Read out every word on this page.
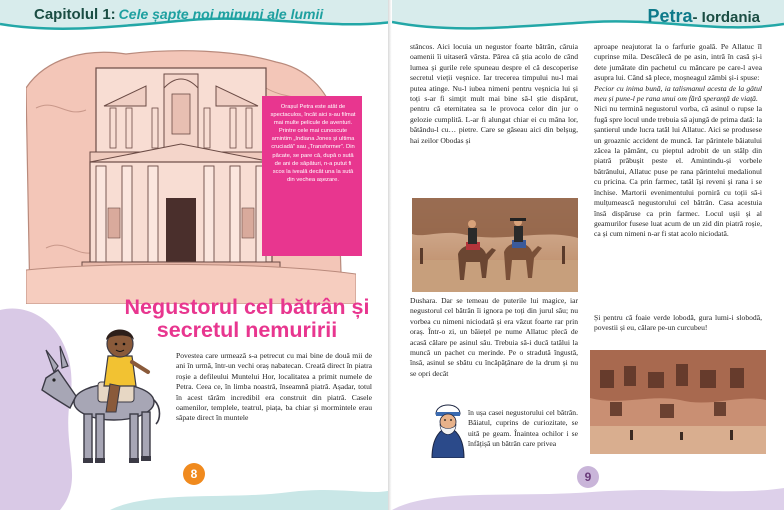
Capitolul 1: Cele șapte noi minuni ale lumii
Orașul Petra este atât de spectaculos, încât aici s-au filmat mai multe pelicule de aventuri. Printre cele mai cunoscute amintim „Indiana Jones și ultima cruciadă” sau „Transformer”. Din păcate, se pare că, după o sută de ani de săpături, n-a putut fi scos la iveală decât una la sută din vechea așezare.
Negustorul cel bătrân și secretul nemuririi
Povestea care urmează s-a petrecut cu mai bine de două mii de ani în urmă, într-un vechi oraș nabatecan. Creată direct în piatra roșie a defileului Muntelui Hor, localitatea a primit numele de Petra. Ceea ce, în limba noastră, înseamnă piatră. Așadar, totul în acest tărâm incredibil era construit din piatră. Casele oamenilor, templele, teatrul, piața, ba chiar și mormintele erau săpate direct în muntele
8
Petra- Iordania
stâncos. Aici locuia un negustor foarte bătrân, căruia oamenii îi uitaseră vârsta. Părea că știa acolo de când lumea și gurile rele spuneau despre el că descoperise secretul vieții veșnice. Iar trecerea timpului nu-l mai putea atinge. Nu-l iubea nimeni pentru veșnicia lui și toți s-ar fi simțit mult mai bine să-l știe dispărut, pentru că eternitatea sa le provoca celor din jur o gelozie cumplită. L-ar fi alungat chiar ei cu mâna lor, bătându-l cu… pietre. Care se găseau aici din belșug, hai zeilor Obodas și
Dushara. Dar se temeau de puterile lui magice, iar negustorul cel bătrân îi ignora pe toți din jurul său; nu vorbea cu nimeni niciodată și era văzut foarte rar prin oraș. Într-o zi, un băiețel pe nume Allatuc plecă de acasă călare pe asinul său. Trebuia să-i ducă tatălui la muncă un pachet cu merinde. Pe o stradută îngustă, însă, asinul se sbătu cu încăpățânare de la drum și nu se opri decât
în ușa casei negustorului cel bătrân. Băiatul, cuprins de curiozitate, se uită pe geam. Înaintea ochilor i se înfățișă un bătrân care privea

aproape neajutorat la o farfurie goală. Pe Allatuc îl cuprinse mila. Descălecă de pe asin, intră în casă și-i dete jumătate din pachetul cu mâncare pe care-l avea asupra lui. Când să plece, moșneagul zâmbi și-i spuse:

Pecior cu inima bună, ia talismanul acesta de la gâtul meu și pune-l pe rana unui om fără speranță de viață.

Nici nu terminâ negustorul vorba, că asinul o rupse la fugă spre locul unde trebuia să ajungă de prima dată: la șantierul unde lucra tatăl lui Allatuc. Aici se produsese un groaznic accident de muncă. Iar părintele băiatului zăcea la pământ, cu pieptul adrobit de un stâlp din piatră prăbușit peste el. Amintindu-și vorbele bătrânului, Allatuc puse pe rana părintelui medalionul cu pricina. Ca prin farmec, tatăl își reveni și rana i se închise. Martorii evenimentului porniră cu toții să-i mulțumească negustorului cel bătrân. Casa acestuia însă dispăruse ca prin farmec. Locul ușii și al geamurilor fusese luat acum de un zid din piatră roșie, ca și cum nimeni n-ar fi stat acolo niciodată.

Și pentru că foaie verde lobodă, gura lumi-i slobodă, povestii și eu, călare pe-un curcubeu!
9
